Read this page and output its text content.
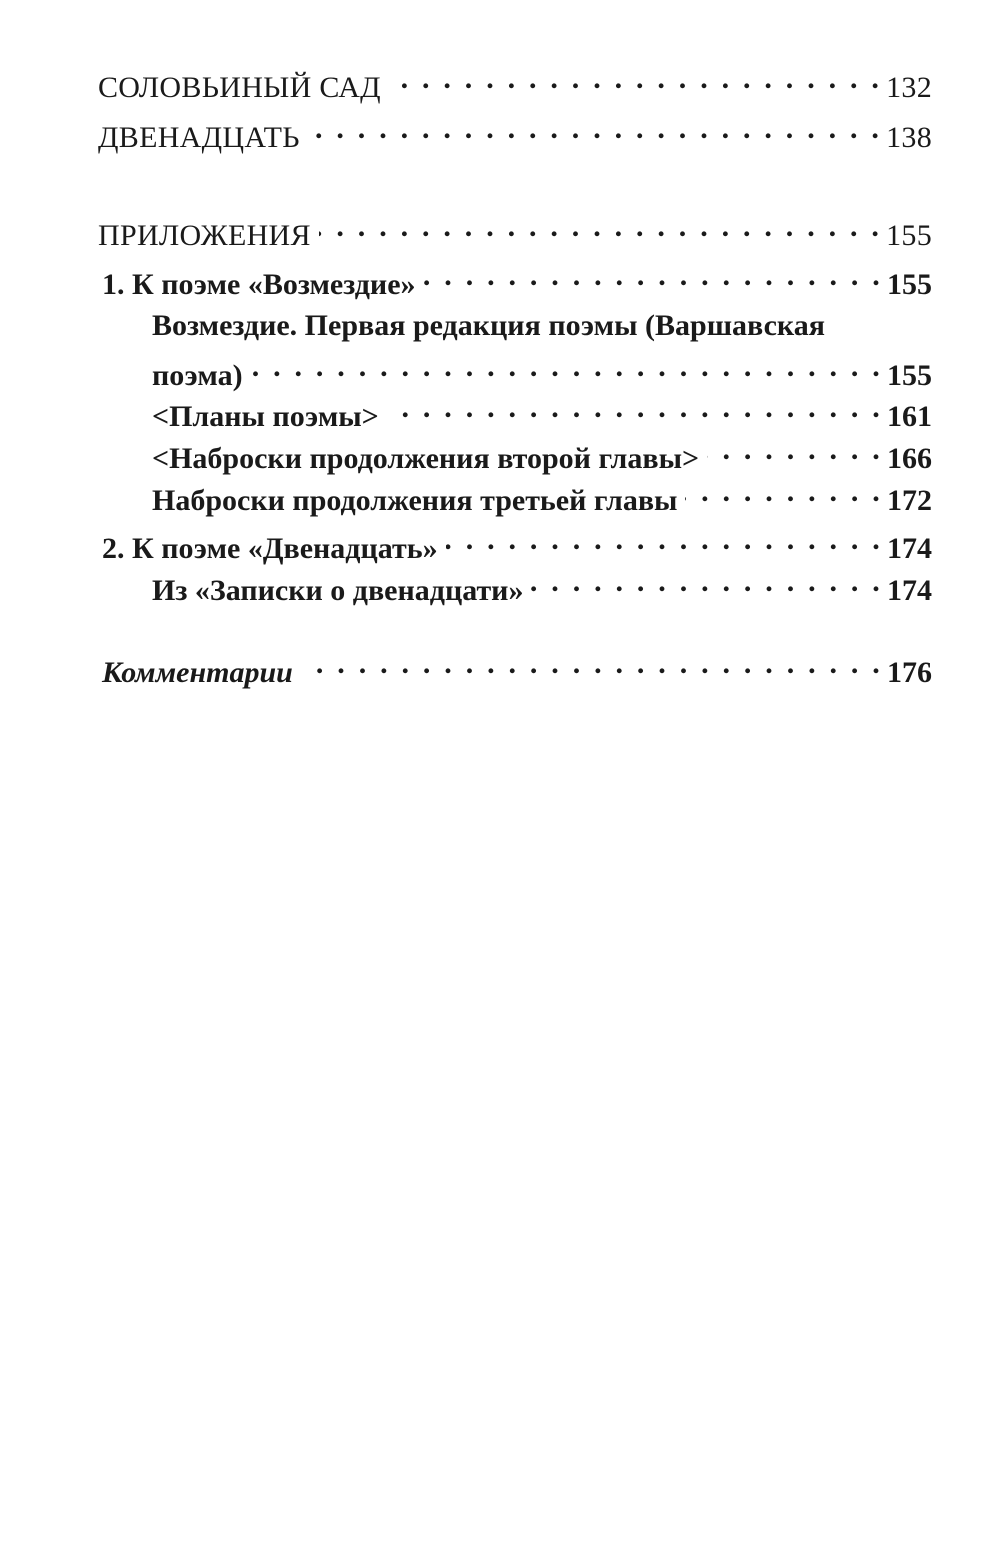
СОЛОВЬИНЫЙ САД . . .	132
ДВЕНАДЦАТЬ . . .	138
ПРИЛОЖЕНИЯ . . .	155
1. К поэме «Возмездие» . . .	155
Возмездие. Первая редакция поэмы (Варшавская
поэма) . . .	155
<Планы поэмы> . . .	161
<Наброски продолжения второй главы> . . .	166
Наброски продолжения третьей главы . . .	172
2. К поэме «Двенадцать» . . .	174
Из «Записки о двенадцати» . . .	174
Комментарии . . .	176
